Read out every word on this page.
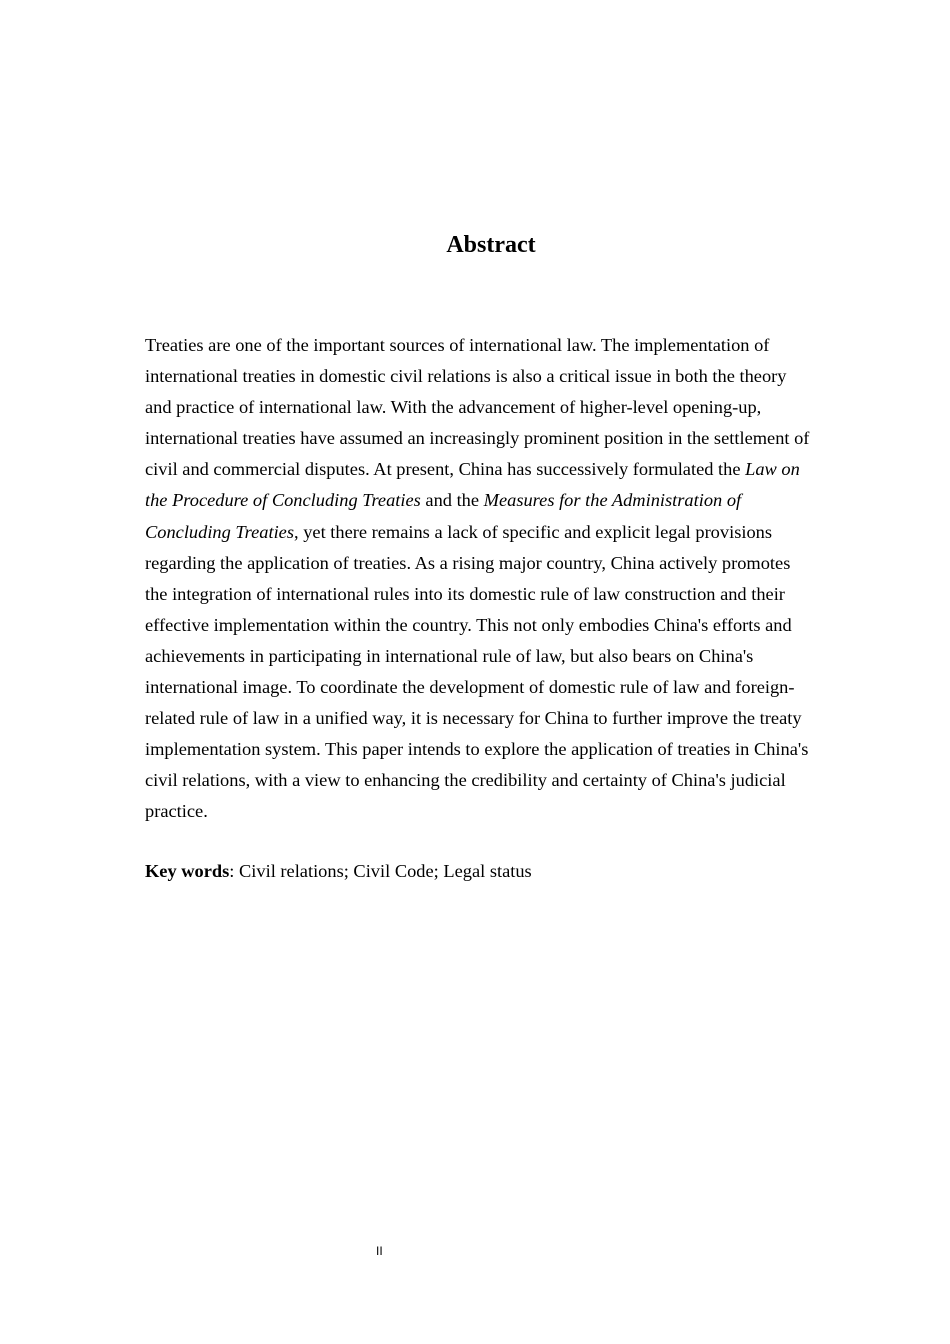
Abstract
Treaties are one of the important sources of international law. The implementation of
international treaties in domestic civil relations is also a critical issue in both the theory
and practice of international law. With the advancement of higher-level opening-up,
international treaties have assumed an increasingly prominent position in the settlement of
civil and commercial disputes. At present, China has successively formulated the Law on
the Procedure of Concluding Treaties and the Measures for the Administration of
Concluding Treaties, yet there remains a lack of specific and explicit legal provisions
regarding the application of treaties. As a rising major country, China actively promotes
the integration of international rules into its domestic rule of law construction and their
effective implementation within the country. This not only embodies China's efforts and
achievements in participating in international rule of law, but also bears on China's
international image. To coordinate the development of domestic rule of law and foreign-
related rule of law in a unified way, it is necessary for China to further improve the treaty
implementation system. This paper intends to explore the application of treaties in China's
civil relations, with a view to enhancing the credibility and certainty of China's judicial
practice.

Key words: Civil relations; Civil Code; Legal status

II
